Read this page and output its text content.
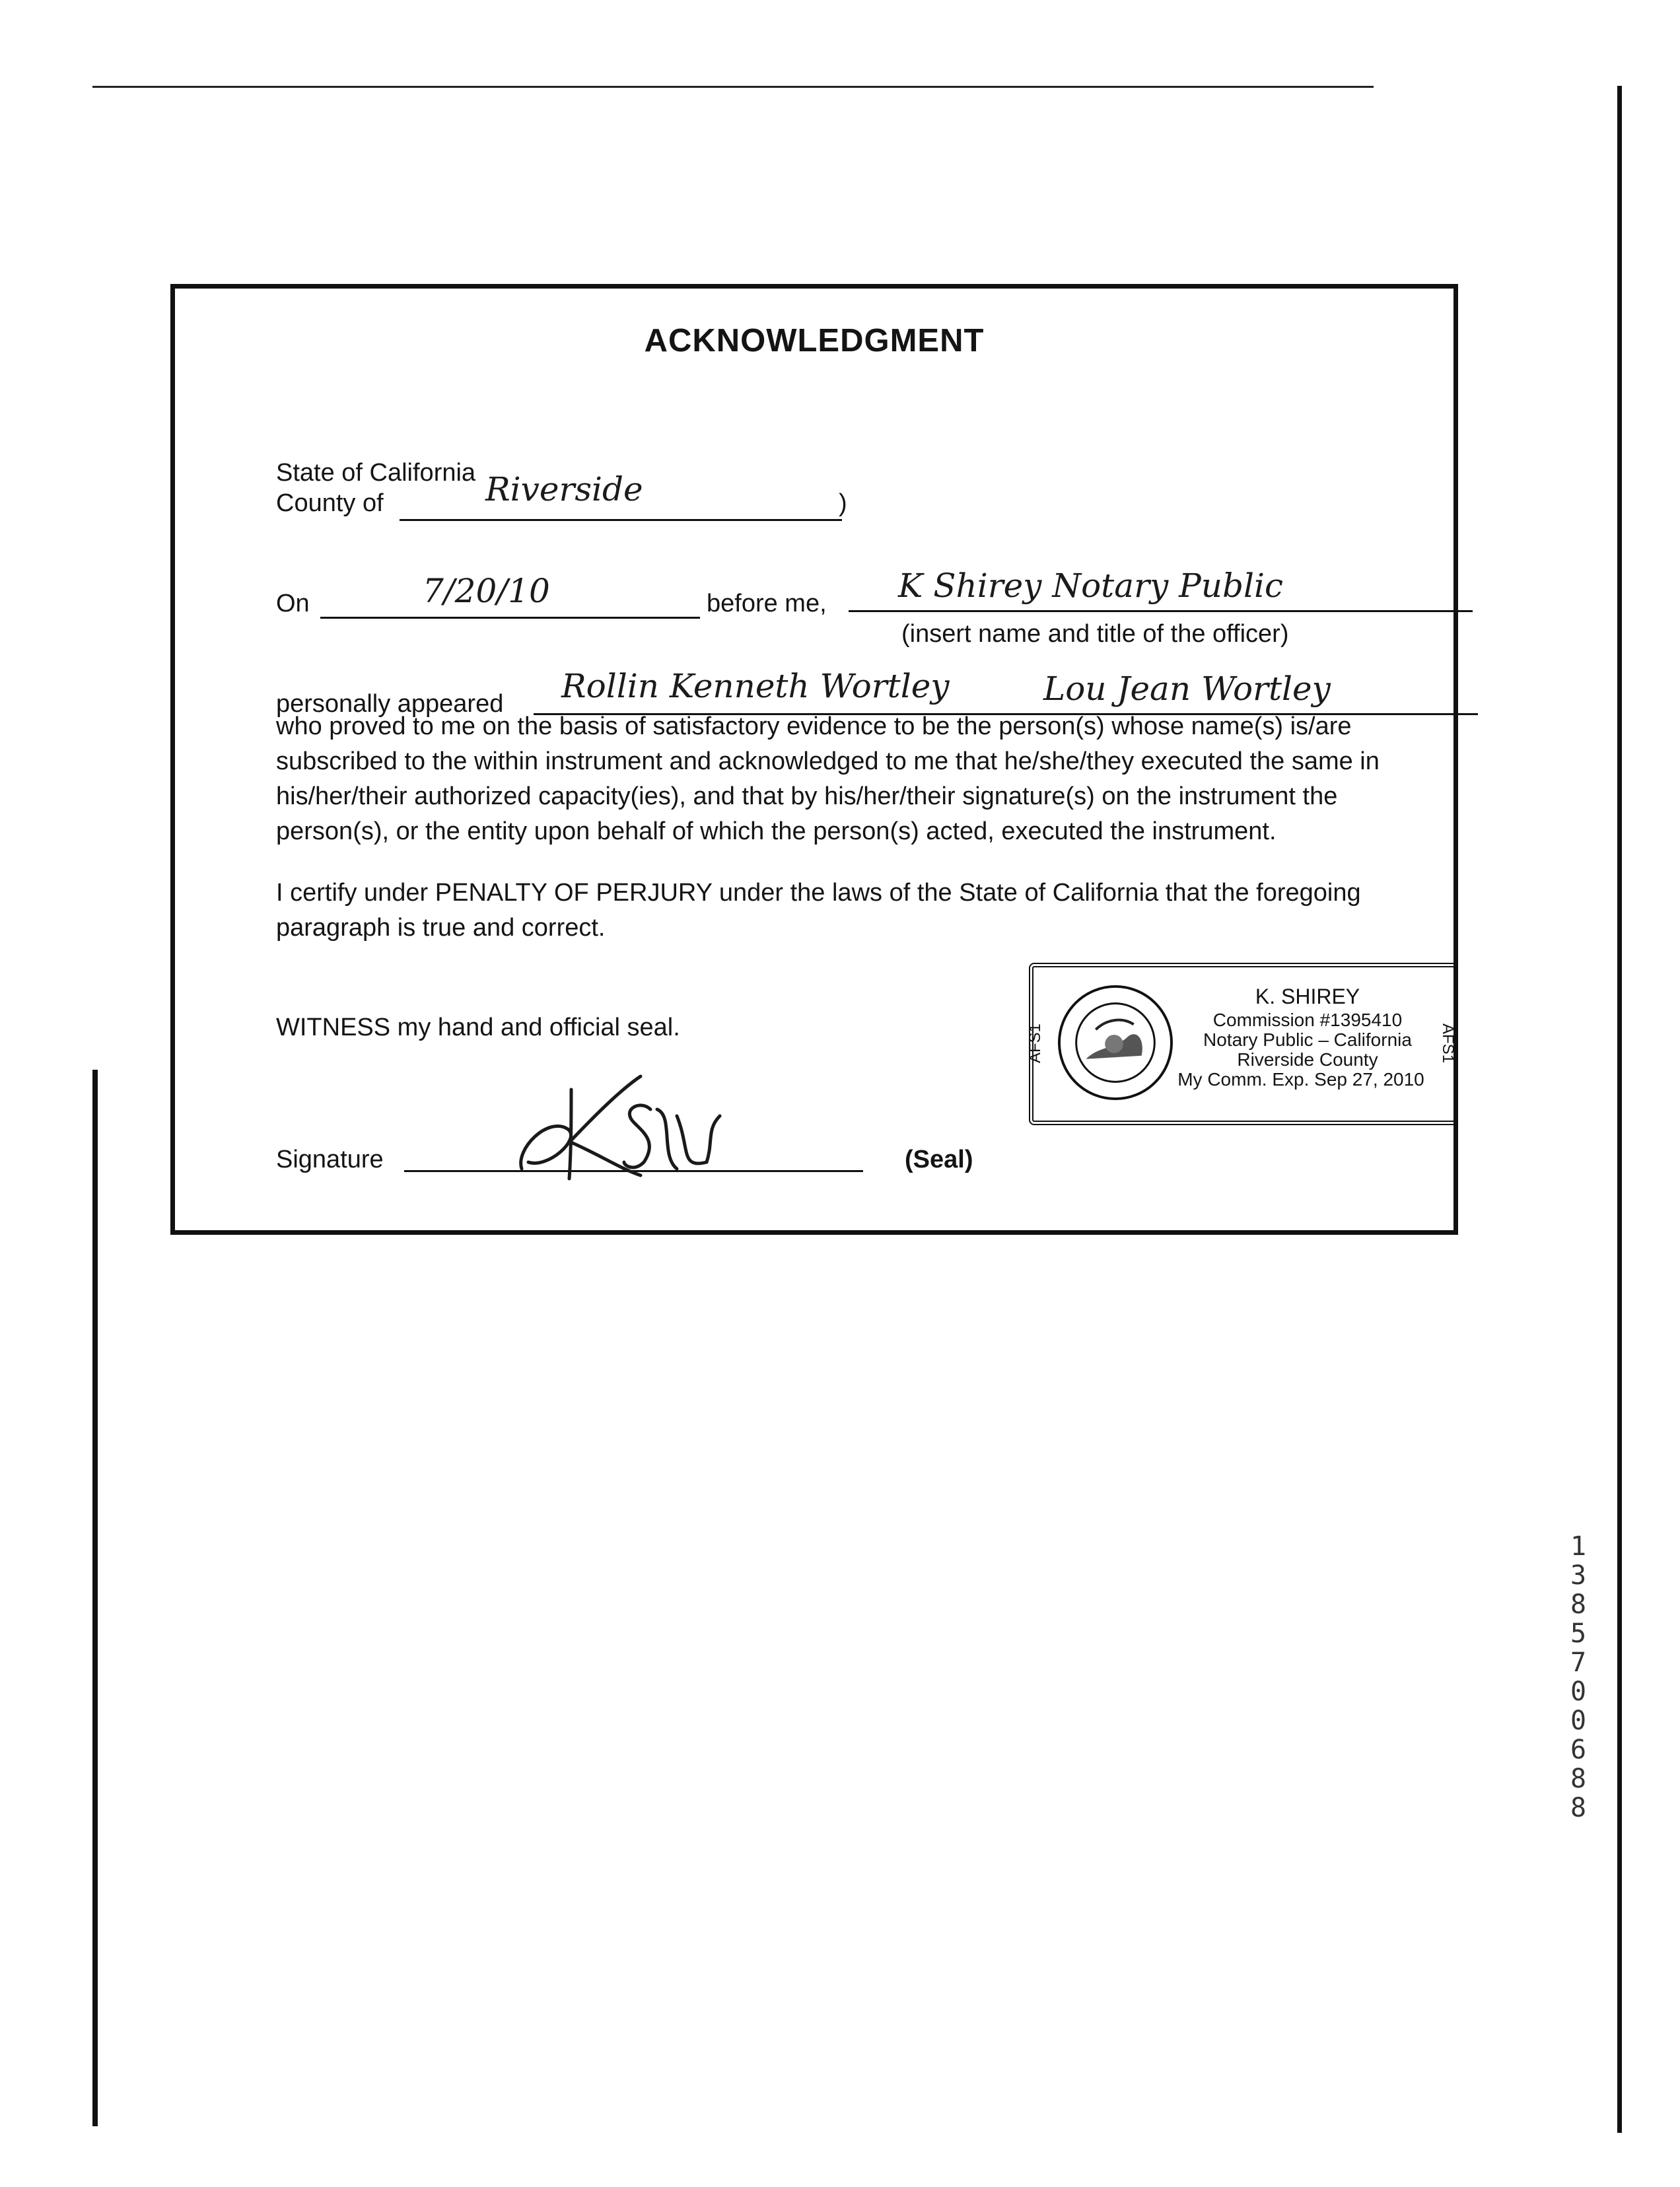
ACKNOWLEDGMENT
State of California
County of	Riverside	)
On	7/20/10	before me, K Shirey Notary Public
(insert name and title of the officer)
personally appeared Rollin Kenneth Wortley	Lou Jean Wortley

who proved to me on the basis of satisfactory evidence to be the person(s) whose name(s) is/are

subscribed to the within instrument and acknowledged to me that he/she/they executed the same in

his/her/their authorized capacity(ies), and that by his/her/their signature(s) on the instrument the

person(s), or the entity upon behalf of which the person(s) acted, executed the instrument.

I certify under PENALTY OF PERJURY under the laws of the State of California that the foregoing

paragraph is true and correct.

WITNESS my hand and official seal.
Signature	(Seal)
AFS1	AFS1
K. SHIREY
Commission #1395410
Notary Public – California
Riverside County
My Comm. Exp. Sep 27, 2010
13857 00688
